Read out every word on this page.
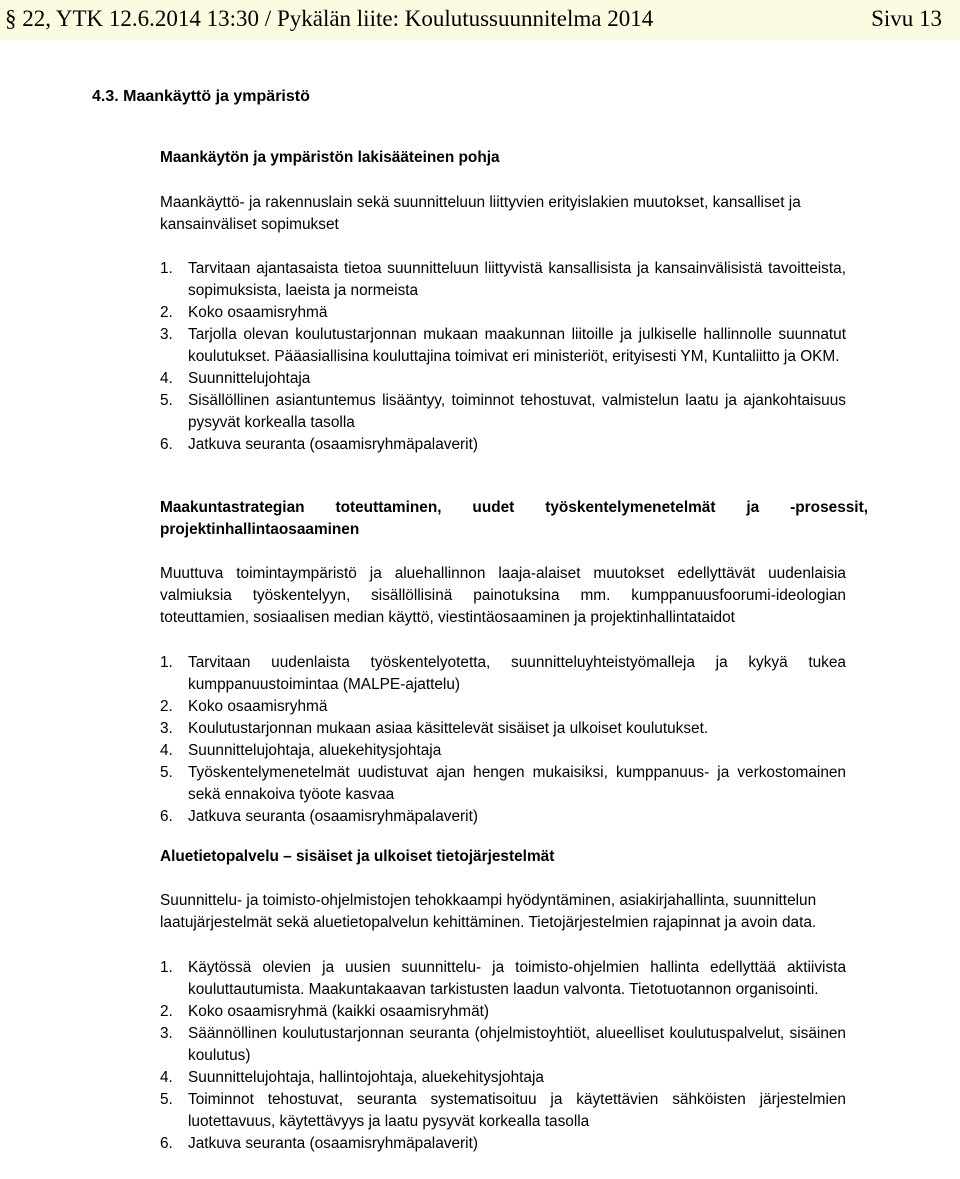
§ 22, YTK 12.6.2014 13:30 / Pykälän liite: Koulutussuunnitelma 2014	Sivu 13
4.3. Maankäyttö ja ympäristö
Maankäytön ja ympäristön lakisääteinen pohja
Maankäyttö- ja rakennuslain sekä suunnitteluun liittyvien erityislakien muutokset, kansalliset ja kansainväliset sopimukset
1. Tarvitaan ajantasaista tietoa suunnitteluun liittyvistä kansallisista ja kansainvälisistä tavoitteista, sopimuksista, laeista ja normeista
2. Koko osaamisryhmä
3. Tarjolla olevan koulutustarjonnan mukaan maakunnan liitoille ja julkiselle hallinnolle suunnatut koulutukset. Pääasiallisina kouluttajina toimivat eri ministeriöt, erityisesti YM, Kuntaliitto ja OKM.
4. Suunnittelujohtaja
5. Sisällöllinen asiantuntemus lisääntyy, toiminnot tehostuvat, valmistelun laatu ja ajankohtaisuus pysyvät korkealla tasolla
6. Jatkuva seuranta (osaamisryhmäpalaverit)
Maakuntastrategian toteuttaminen, uudet työskentelymenetelmät ja -prosessit, projektinhallintaosaaminen
Muuttuva toimintaympäristö ja aluehallinnon laaja-alaiset muutokset edellyttävät uudenlaisia valmiuksia työskentelyyn, sisällöllisinä painotuksina mm. kumppanuusfoorumi-ideologian toteuttamien, sosiaalisen median käyttö, viestintäosaaminen ja projektinhallintataidot
1. Tarvitaan uudenlaista työskentelyotetta, suunnitteluyhteistyömalleja ja kykyä tukea kumppanuustoimintaa (MALPE-ajattelu)
2. Koko osaamisryhmä
3. Koulutustarjonnan mukaan asiaa käsittelevät sisäiset ja ulkoiset koulutukset.
4. Suunnittelujohtaja, aluekehitysjohtaja
5. Työskentelymenetelmät uudistuvat ajan hengen mukaisiksi, kumppanuus- ja verkostomainen sekä ennakoiva työote kasvaa
6. Jatkuva seuranta (osaamisryhmäpalaverit)
Aluetietopalvelu – sisäiset ja ulkoiset tietojärjestelmät
Suunnittelu- ja toimisto-ohjelmistojen tehokkaampi hyödyntäminen, asiakirjahallinta, suunnittelun laatujärjestelmät sekä aluetietopalvelun kehittäminen. Tietojärjestelmien rajapinnat ja avoin data.
1. Käytössä olevien ja uusien suunnittelu- ja toimisto-ohjelmien hallinta edellyttää aktiivista kouluttautumista. Maakuntakaavan tarkistusten laadun valvonta. Tietotuotannon organisointi.
2. Koko osaamisryhmä (kaikki osaamisryhmät)
3. Säännöllinen koulutustarjonnan seuranta (ohjelmistoyhtiöt, alueelliset koulutuspalvelut, sisäinen koulutus)
4. Suunnittelujohtaja, hallintojohtaja, aluekehitysjohtaja
5. Toiminnot tehostuvat, seuranta systematisoituu ja käytettävien sähköisten järjestelmien luotettavuus, käytettävyys ja laatu pysyvät korkealla tasolla
6. Jatkuva seuranta (osaamisryhmäpalaverit)
